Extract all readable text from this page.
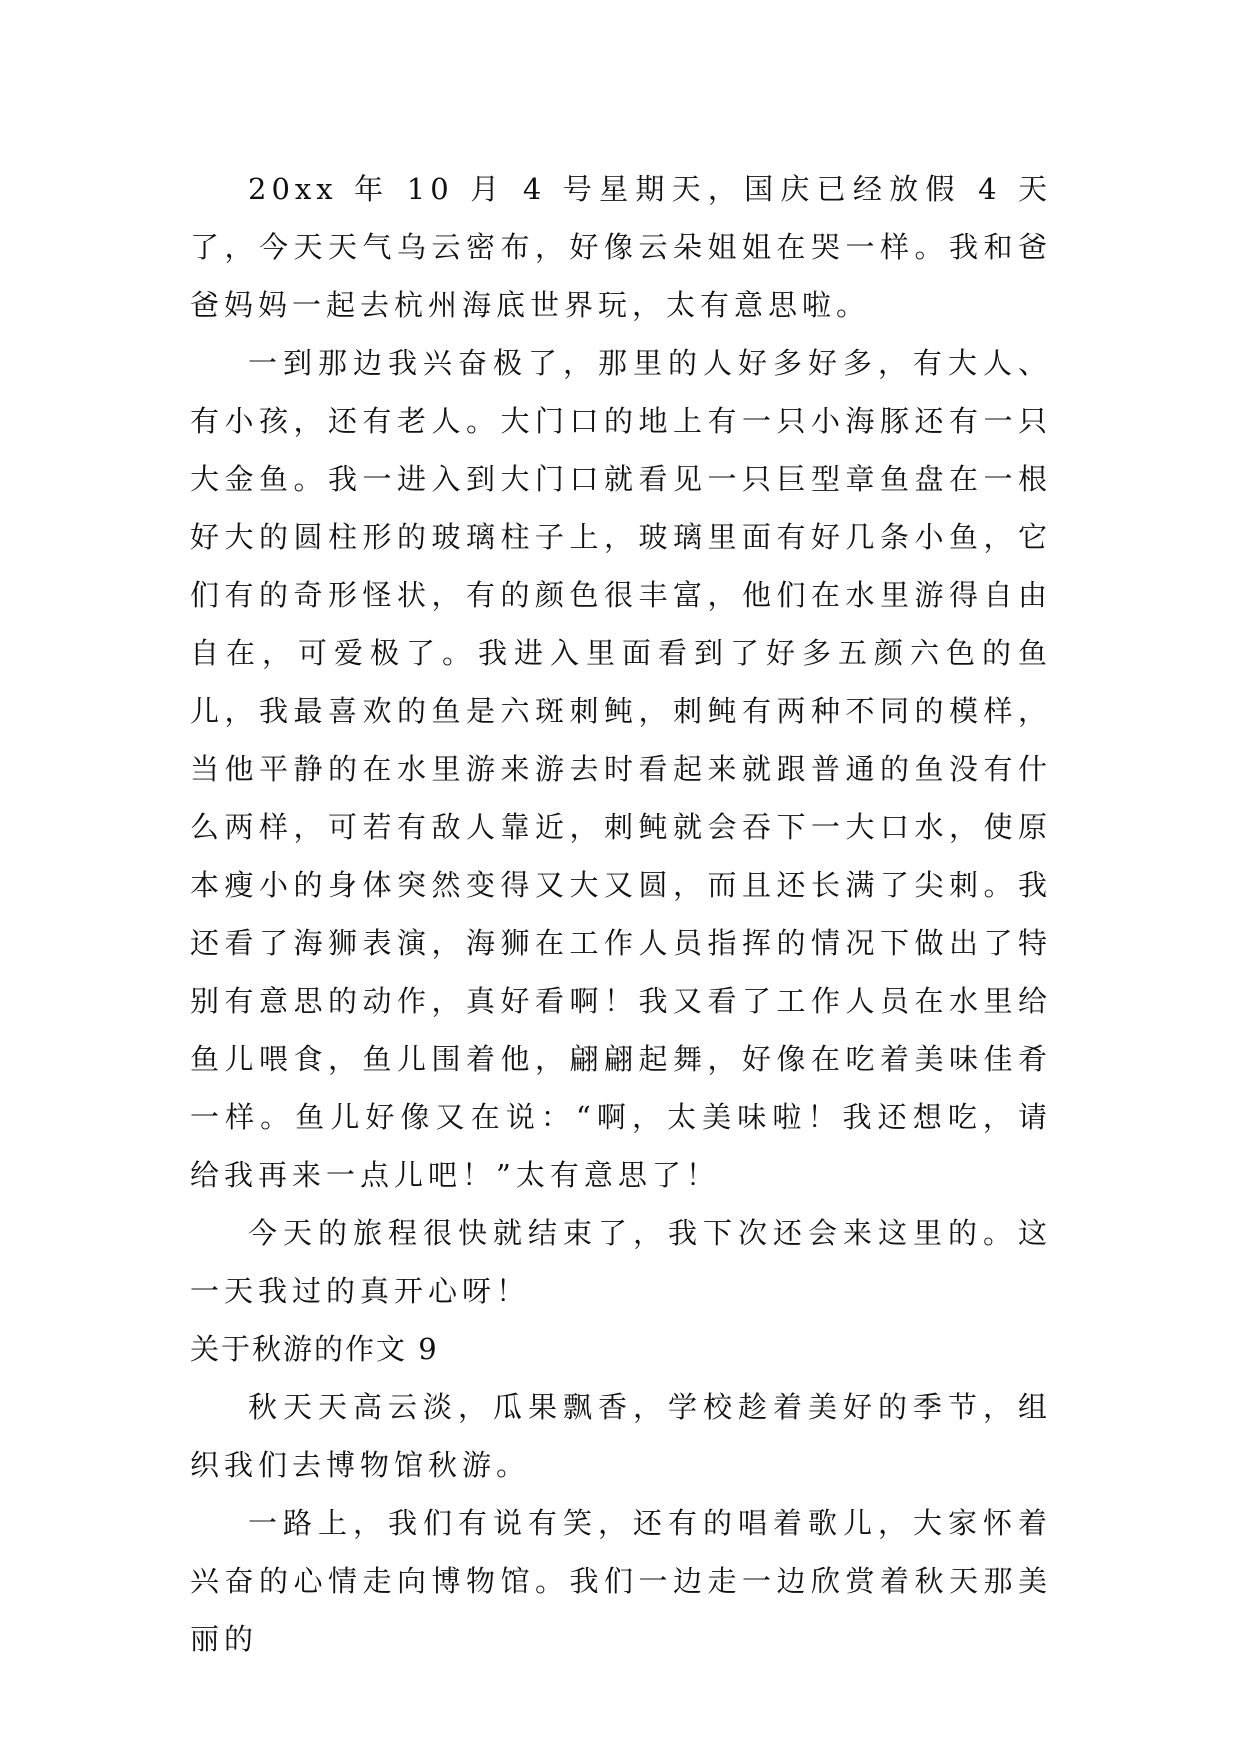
20xx 年 10 月 4 号星期天，国庆已经放假 4 天了，今天天气乌云密布，好像云朵姐姐在哭一样。我和爸爸妈妈一起去杭州海底世界玩，太有意思啦。

一到那边我兴奋极了，那里的人好多好多，有大人、有小孩，还有老人。大门口的地上有一只小海豚还有一只大金鱼。我一进入到大门口就看见一只巨型章鱼盘在一根好大的圆柱形的玻璃柱子上，玻璃里面有好几条小鱼，它们有的奇形怪状，有的颜色很丰富，他们在水里游得自由自在，可爱极了。我进入里面看到了好多五颜六色的鱼儿，我最喜欢的鱼是六斑刺鲀，刺鲀有两种不同的模样，当他平静的在水里游来游去时看起来就跟普通的鱼没有什么两样，可若有敌人靠近，刺鲀就会吞下一大口水，使原本瘦小的身体突然变得又大又圆，而且还长满了尖刺。我还看了海狮表演，海狮在工作人员指挥的情况下做出了特别有意思的动作，真好看啊！我又看了工作人员在水里给鱼儿喂食，鱼儿围着他，翩翩起舞，好像在吃着美味佳肴一样。鱼儿好像又在说：“啊，太美味啦！我还想吃，请给我再来一点儿吧！”太有意思了！

今天的旅程很快就结束了，我下次还会来这里的。这一天我过的真开心呀！

关于秋游的作文 9

秋天天高云淡，瓜果飘香，学校趁着美好的季节，组织我们去博物馆秋游。

一路上，我们有说有笑，还有的唱着歌儿，大家怀着兴奋的心情走向博物馆。我们一边走一边欣赏着秋天那美丽的
